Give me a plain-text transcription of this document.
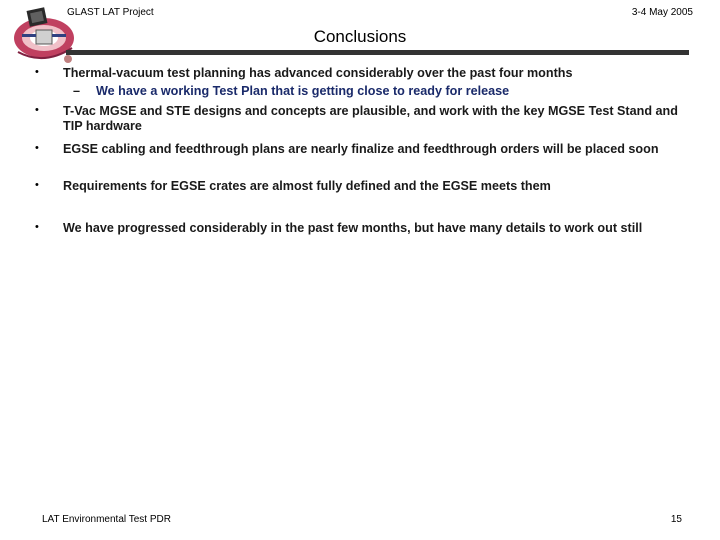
GLAST LAT Project	3-4 May 2005
Conclusions
• Thermal-vacuum test planning has advanced considerably over the past four months
– We have a working Test Plan that is getting close to ready for release
• T-Vac MGSE and STE designs and concepts are plausible, and work with the key MGSE Test Stand and TIP hardware
• EGSE cabling and feedthrough plans are nearly finalize and feedthrough orders will be placed soon
• Requirements for EGSE crates are almost fully defined and the EGSE meets them
• We have progressed considerably in the past few months, but have many details to work out still
LAT Environmental Test PDR	15
